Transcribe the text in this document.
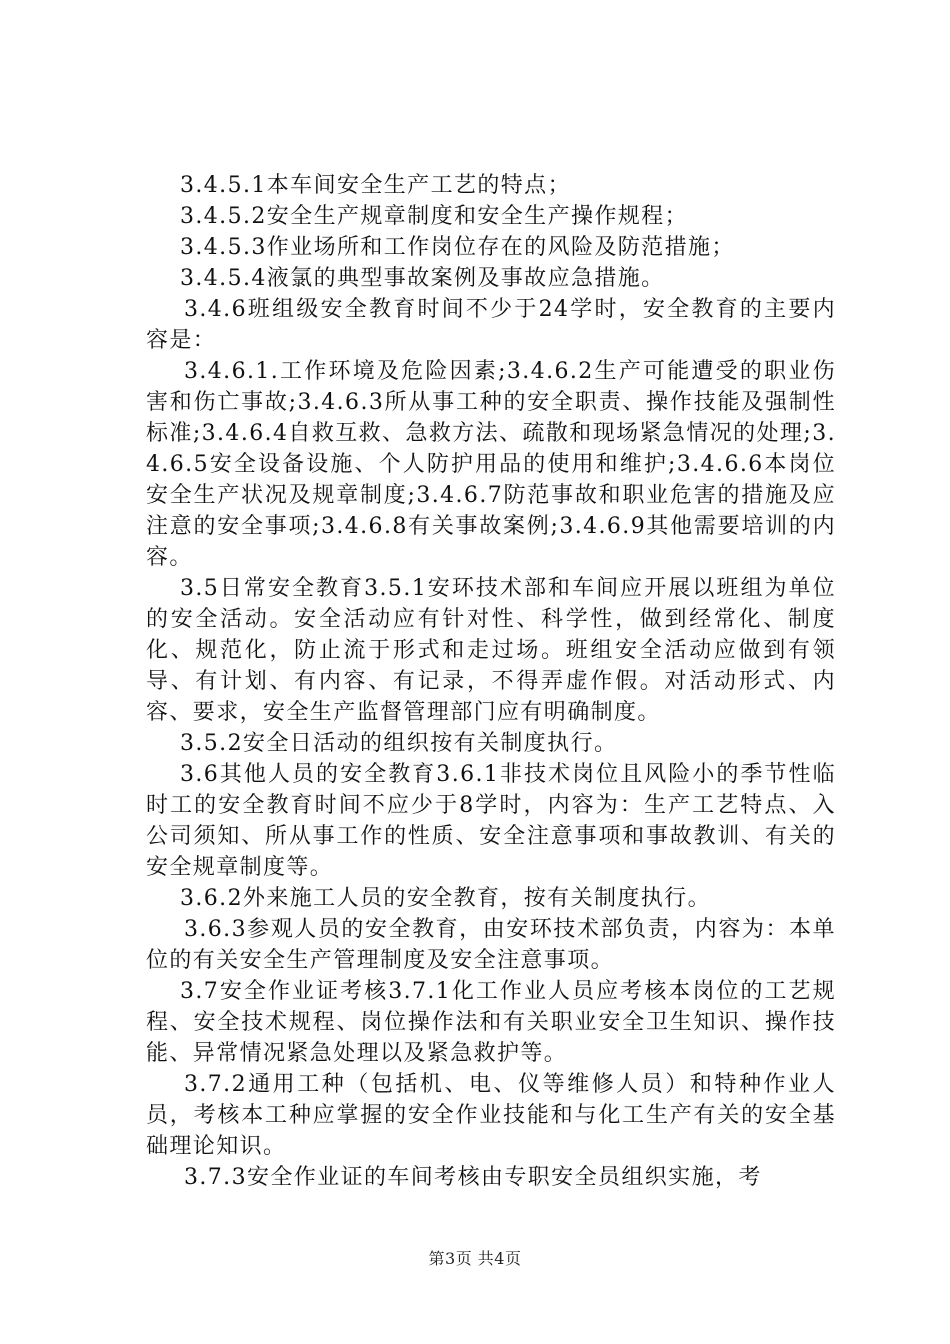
3.4.5.1本车间安全生产工艺的特点；

3.4.5.2安全生产规章制度和安全生产操作规程；

3.4.5.3作业场所和工作岗位存在的风险及防范措施；

3.4.5.4液氯的典型事故案例及事故应急措施。

3.4.6班组级安全教育时间不少于24学时，安全教育的主要内容是：

3.4.6.1.工作环境及危险因素;3.4.6.2生产可能遭受的职业伤害和伤亡事故;3.4.6.3所从事工种的安全职责、操作技能及强制性标准;3.4.6.4自救互救、急救方法、疏散和现场紧急情况的处理;3.4.6.5安全设备设施、个人防护用品的使用和维护;3.4.6.6本岗位安全生产状况及规章制度;3.4.6.7防范事故和职业危害的措施及应注意的安全事项;3.4.6.8有关事故案例;3.4.6.9其他需要培训的内容。

3.5日常安全教育3.5.1安环技术部和车间应开展以班组为单位的安全活动。安全活动应有针对性、科学性，做到经常化、制度化、规范化，防止流于形式和走过场。班组安全活动应做到有领导、有计划、有内容、有记录，不得弄虚作假。对活动形式、内容、要求，安全生产监督管理部门应有明确制度。

3.5.2安全日活动的组织按有关制度执行。

3.6其他人员的安全教育3.6.1非技术岗位且风险小的季节性临时工的安全教育时间不应少于8学时，内容为：生产工艺特点、入公司须知、所从事工作的性质、安全注意事项和事故教训、有关的安全规章制度等。

3.6.2外来施工人员的安全教育，按有关制度执行。

3.6.3参观人员的安全教育，由安环技术部负责，内容为：本单位的有关安全生产管理制度及安全注意事项。

3.7安全作业证考核3.7.1化工作业人员应考核本岗位的工艺规程、安全技术规程、岗位操作法和有关职业安全卫生知识、操作技能、异常情况紧急处理以及紧急救护等。

3.7.2通用工种（包括机、电、仪等维修人员）和特种作业人员，考核本工种应掌握的安全作业技能和与化工生产有关的安全基础理论知识。

3.7.3安全作业证的车间考核由专职安全员组织实施，考

第3页 共4页
